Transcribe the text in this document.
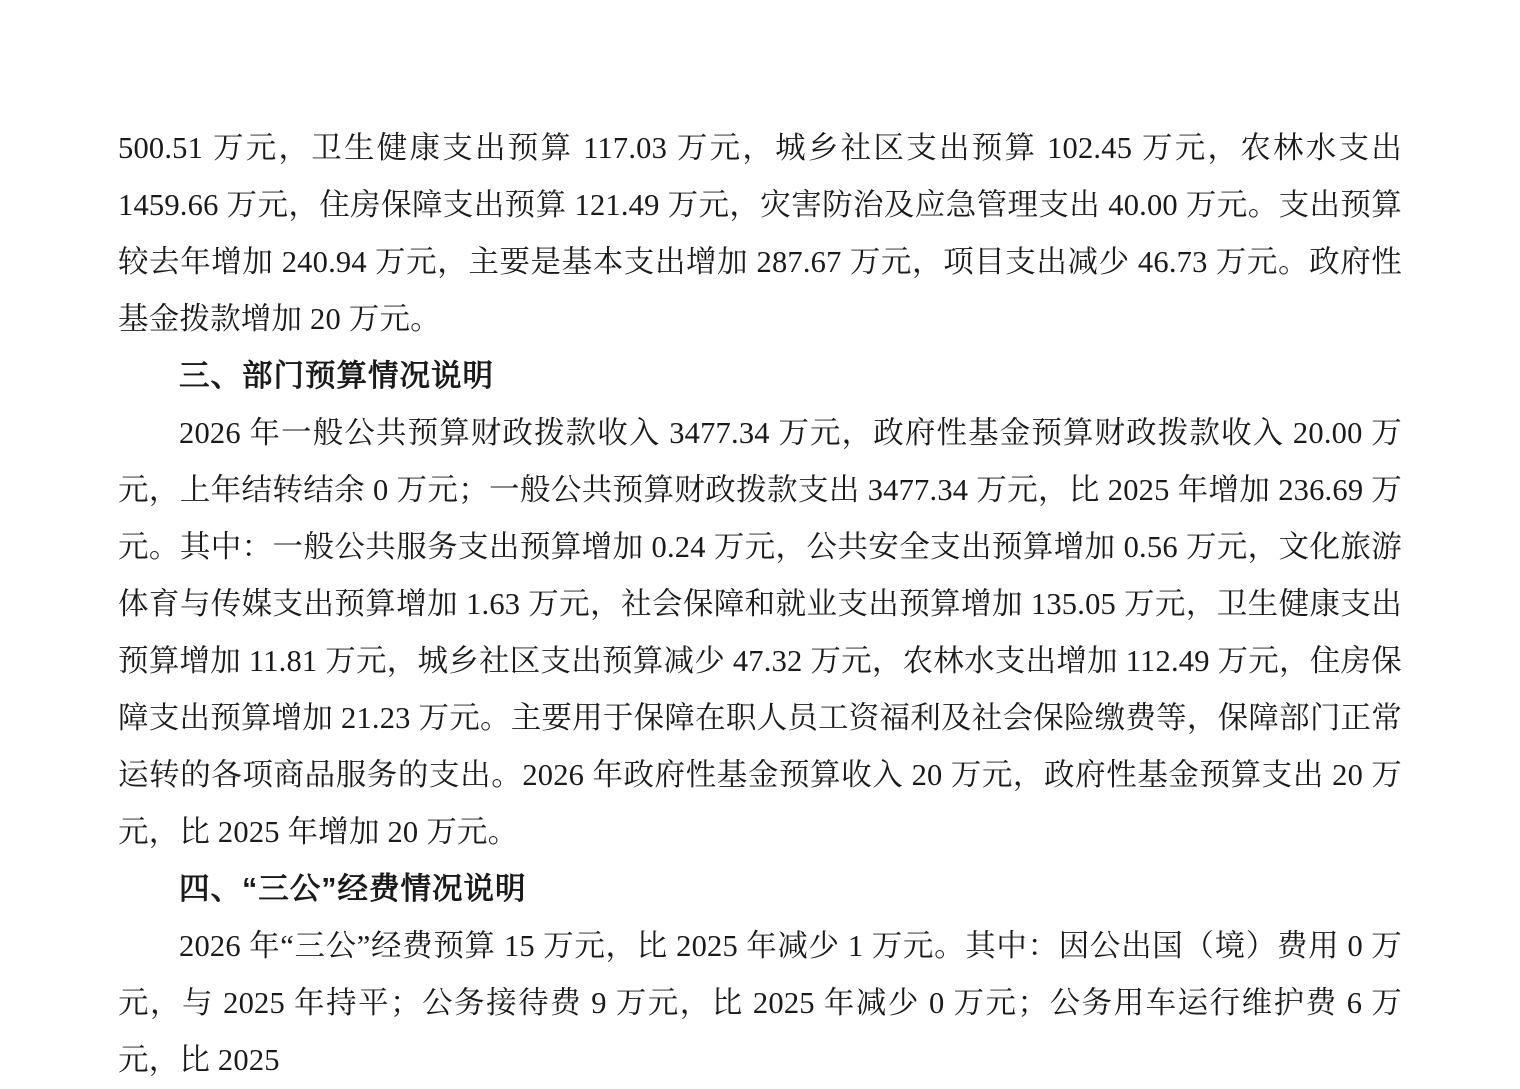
500.51 万元，卫生健康支出预算 117.03 万元，城乡社区支出预算 102.45 万元，农林水支出 1459.66 万元，住房保障支出预算 121.49 万元，灾害防治及应急管理支出 40.00 万元。支出预算较去年增加 240.94 万元，主要是基本支出增加 287.67 万元，项目支出减少 46.73 万元。政府性基金拨款增加 20 万元。

三、部门预算情况说明

2026 年一般公共预算财政拨款收入 3477.34 万元，政府性基金预算财政拨款收入 20.00 万元，上年结转结余 0 万元；一般公共预算财政拨款支出 3477.34 万元，比 2025 年增加 236.69 万元。其中：一般公共服务支出预算增加 0.24 万元，公共安全支出预算增加 0.56 万元，文化旅游体育与传媒支出预算增加 1.63 万元，社会保障和就业支出预算增加 135.05 万元，卫生健康支出预算增加 11.81 万元，城乡社区支出预算减少 47.32 万元，农林水支出增加 112.49 万元，住房保障支出预算增加 21.23 万元。主要用于保障在职人员工资福利及社会保险缴费等，保障部门正常运转的各项商品服务的支出。2026 年政府性基金预算收入 20 万元，政府性基金预算支出 20 万元，比 2025 年增加 20 万元。

四、“三公”经费情况说明

2026 年“三公”经费预算 15 万元，比 2025 年减少 1 万元。其中：因公出国（境）费用 0 万元，与 2025 年持平；公务接待费 9 万元，比 2025 年减少 0 万元；公务用车运行维护费 6 万元，比 2025
